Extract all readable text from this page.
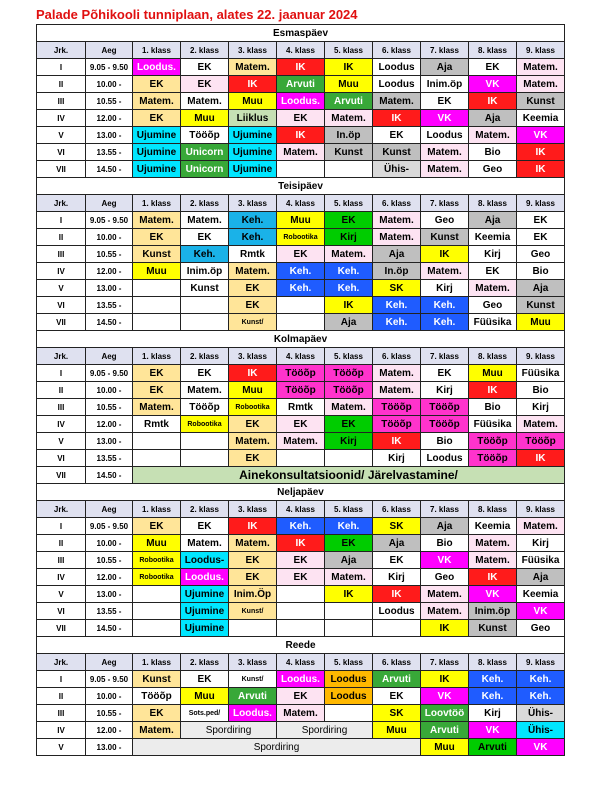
Palade Põhikooli tunniplaan, alates 22. jaanuar 2024
Esmaspäev										
Jrk.	Aeg	1. klass	2. klass	3. klass	4. klass	5. klass	6. klass	7. klass	8. klass	9. klass
I	9.05 - 9.50	Loodus.	EK	Matem.	IK	IK	Loodus	Aja	EK	Matem.
II	10.00 -	EK	EK	IK	Arvuti	Muu	Loodus	Inim.öp	VK	Matem.
III	10.55 -	Matem.	Matem.	Muu	Loodus.	Arvuti	Matem.	EK	IK	Kunst
IV	12.00 -	EK	Muu	Liiklus	EK	Matem.	IK	VK	Aja	Keemia
V	13.00 -	Ujumine	Tööõp	Ujumine	IK	In.öp	EK	Loodus	Matem.	VK
VI	13.55 -	Ujumine	Unicorn	Ujumine	Matem.	Kunst	Kunst	Matem.	Bio	IK
VII	14.50 -	Ujumine	Unicorn	Ujumine			Ühis-	Matem.	Geo	IK
Teisipäev										
Jrk.	Aeg	1. klass	2. klass	3. klass	4. klass	5. klass	6. klass	7. klass	8. klass	9. klass
I	9.05 - 9.50	Matem.	Matem.	Keh.	Muu	EK	Matem.	Geo	Aja	EK
II	10.00 -	EK	EK	Keh.	Robootika	Kirj	Matem.	Kunst	Keemia	EK
III	10.55 -	Kunst	Keh.	Rmtk	EK	Matem.	Aja	IK	Kirj	Geo
IV	12.00 -	Muu	Inim.öp	Matem.	Keh.	Keh.	In.öp	Matem.	EK	Bio
V	13.00 -		Kunst	EK	Keh.	Keh.	SK	Kirj	Matem.	Aja
VI	13.55 -			EK		IK	Keh.	Keh.	Geo	Kunst
VII	14.50 -			Kunst/		Aja	Keh.	Keh.	Füüsika	Muu
Kolmapäev										
Jrk.	Aeg	1. klass	2. klass	3. klass	4. klass	5. klass	6. klass	7. klass	8. klass	9. klass
I	9.05 - 9.50	EK	EK	IK	Tööõp	Tööõp	Matem.	EK	Muu	Füüsika
II	10.00 -	EK	Matem.	Muu	Tööõp	Tööõp	Matem.	Kirj	IK	Bio
III	10.55 -	Matem.	Tööõp	Robootika	Rmtk	Matem.	Tööõp	Tööõp	Bio	Kirj
IV	12.00 -	Rmtk	Robootika	EK	EK	EK	Tööõp	Tööõp	Füüsika	Matem.
V	13.00 -			Matem.	Matem.	Kirj	IK	Bio	Tööõp	Tööõp
VI	13.55 -			EK			Kirj	Loodus	Tööõp	IK
VII	14.50 -	Ainekonsultatsioonid/ Järelvastamine/								
Neljapäev										
Jrk.	Aeg	1. klass	2. klass	3. klass	4. klass	5. klass	6. klass	7. klass	8. klass	9. klass
I	9.05 - 9.50	EK	EK	IK	Keh.	Keh.	SK	Aja	Keemia	Matem.
II	10.00 -	Muu	Matem.	Matem.	IK	EK	Aja	Bio	Matem.	Kirj
III	10.55 -	Robootika	Loodus-	EK	EK	Aja	EK	VK	Matem.	Füüsika
IV	12.00 -	Robootika	Loodus.	EK	EK	Matem.	Kirj	Geo	IK	Aja
V	13.00 -		Ujumine	Inim.Öp		IK	IK	Matem.	VK	Keemia
VI	13.55 -		Ujumine	Kunst/			Loodus	Matem.	Inim.öp	VK
VII	14.50 -		Ujumine					IK	Kunst	Geo
Reede										
Jrk.	Aeg	1. klass	2. klass	3. klass	4. klass	5. klass	6. klass	7. klass	8. klass	9. klass
I	9.05 - 9.50	Kunst	EK	Kunst/	Loodus.	Loodus	Arvuti	IK	Keh.	Keh.
II	10.00 -	Tööõp	Muu	Arvuti	EK	Loodus	EK	VK	Keh.	Keh.
III	10.55 -	EK	Sots.ped/	Loodus.	Matem.		SK	Loovtöö	Kirj	Ühis-
IV	12.00 -	Matem.	Spordiring		Spordiring		Muu	Arvuti	VK	Ühis-
V	13.00 -	Spordiring						Muu	Arvuti	VK
